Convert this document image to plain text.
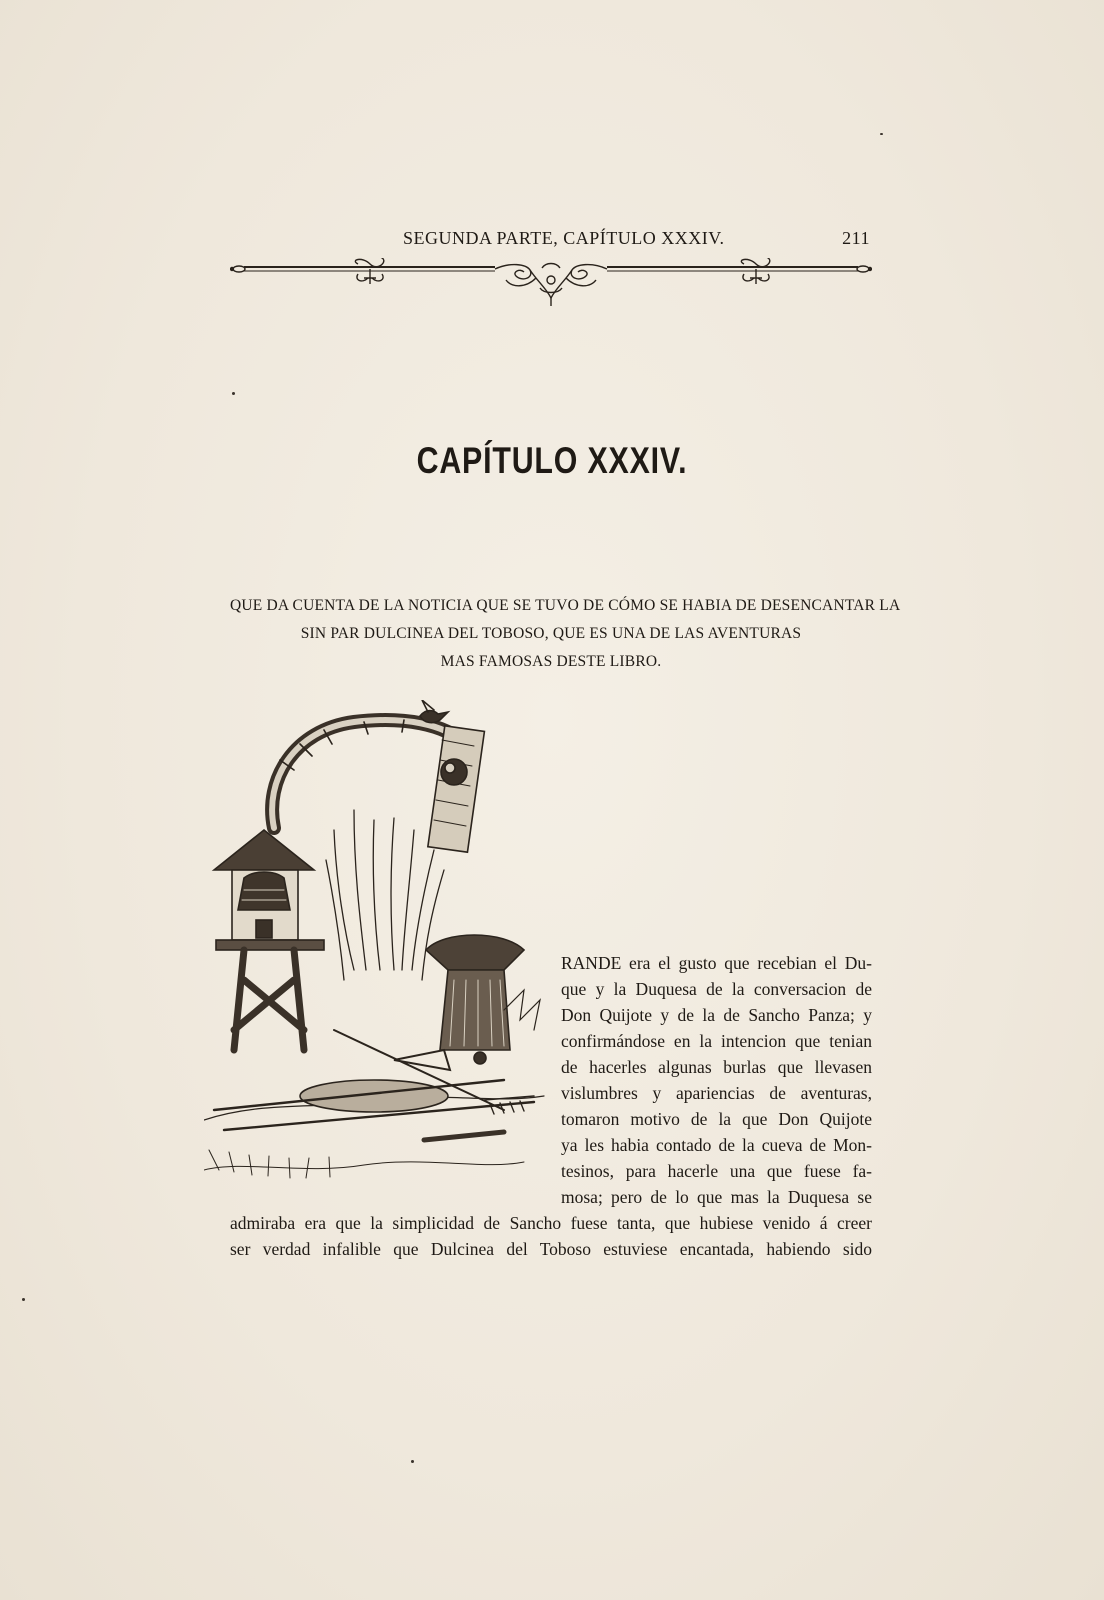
SEGUNDA PARTE, CAPÍTULO XXXIV.	211
CAPÍTULO XXXIV.
QUE DA CUENTA DE LA NOTICIA QUE SE TUVO DE CÓMO SE HABIA DE DESENCANTAR LA
SIN PAR DULCINEA DEL TOBOSO, QUE ES UNA DE LAS AVENTURAS
MAS FAMOSAS DESTE LIBRO.
RANDE era el gusto que recebian el Du-
que y la Duquesa de la conversacion de
Don Quijote y de la de Sancho Panza; y
confirmándose en la intencion que tenian
de hacerles algunas burlas que llevasen
vislumbres y apariencias de aventuras,
tomaron motivo de la que Don Quijote
ya les habia contado de la cueva de Mon-
tesinos, para hacerle una que fuese fa-
mosa; pero de lo que mas la Duquesa se
admiraba era que la simplicidad de Sancho fuese tanta, que hubiese venido á creer
ser verdad infalible que Dulcinea del Toboso estuviese encantada, habiendo sido
